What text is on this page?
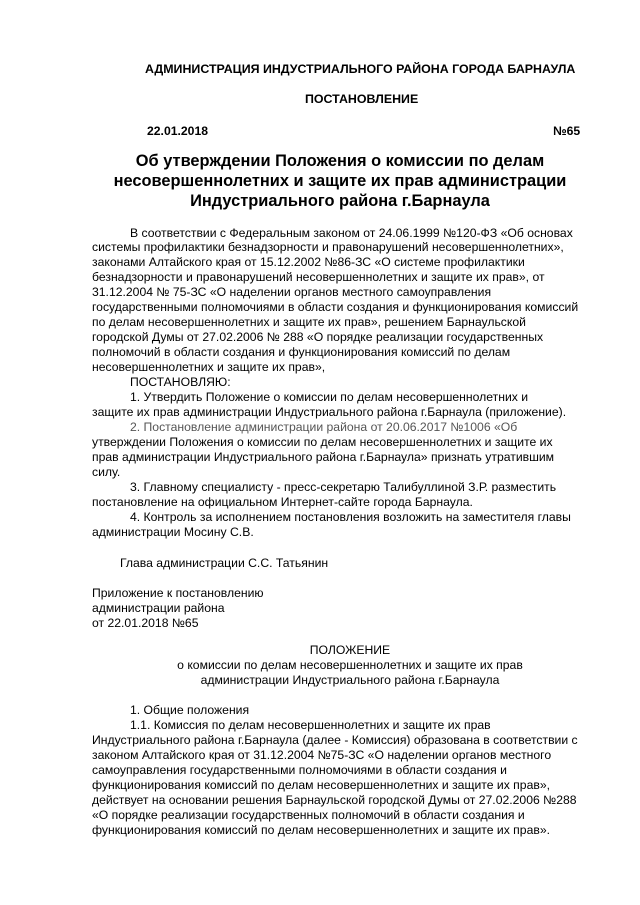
АДМИНИСТРАЦИЯ ИНДУСТРИАЛЬНОГО РАЙОНА ГОРОДА БАРНАУЛА
ПОСТАНОВЛЕНИЕ
22.01.2018	№65
Об утверждении Положения о комиссии по делам
несовершеннолетних и защите их прав администрации
Индустриального района г.Барнаула
В соответствии с Федеральным законом от 24.06.1999 №120-ФЗ «Об основах
системы профилактики безнадзорности и правонарушений несовершеннолетних»,
законами Алтайского края от 15.12.2002 №86-ЗС «О системе профилактики
безнадзорности и правонарушений несовершеннолетних и защите их прав», от
31.12.2004 № 75-ЗС «О наделении органов местного самоуправления
государственными полномочиями в области создания и функционирования комиссий
по делам несовершеннолетних и защите их прав», решением Барнаульской
городской Думы от 27.02.2006 № 288 «О порядке реализации государственных
полномочий в области создания и функционирования комиссий по делам
несовершеннолетних и защите их прав»,
ПОСТАНОВЛЯЮ:
1. Утвердить Положение о комиссии по делам несовершеннолетних и
защите их прав администрации Индустриального района г.Барнаула (приложение).
2. Постановление администрации района от 20.06.2017 №1006 «Об
утверждении Положения о комиссии по делам несовершеннолетних и защите их
прав администрации Индустриального района г.Барнаула» признать утратившим
силу.
3. Главному специалисту - пресс-секретарю Талибуллиной З.Р. разместить
постановление на официальном Интернет-сайте города Барнаула.
4. Контроль за исполнением постановления возложить на заместителя главы
администрации Мосину С.В.
Глава администрации С.С. Татьянин
Приложение к постановлению
администрации района
от 22.01.2018 №65
ПОЛОЖЕНИЕ
о комиссии по делам несовершеннолетних и защите их прав
администрации Индустриального района г.Барнаула
1. Общие положения
1.1. Комиссия по делам несовершеннолетних и защите их прав
Индустриального района г.Барнаула (далее - Комиссия) образована в соответствии с
законом Алтайского края от 31.12.2004 №75-ЗС «О наделении органов местного
самоуправления государственными полномочиями в области создания и
функционирования комиссий по делам несовершеннолетних и защите их прав»,
действует на основании решения Барнаульской городской Думы от 27.02.2006 №288
«О порядке реализации государственных полномочий в области создания и
функционирования комиссий по делам несовершеннолетних и защите их прав».
